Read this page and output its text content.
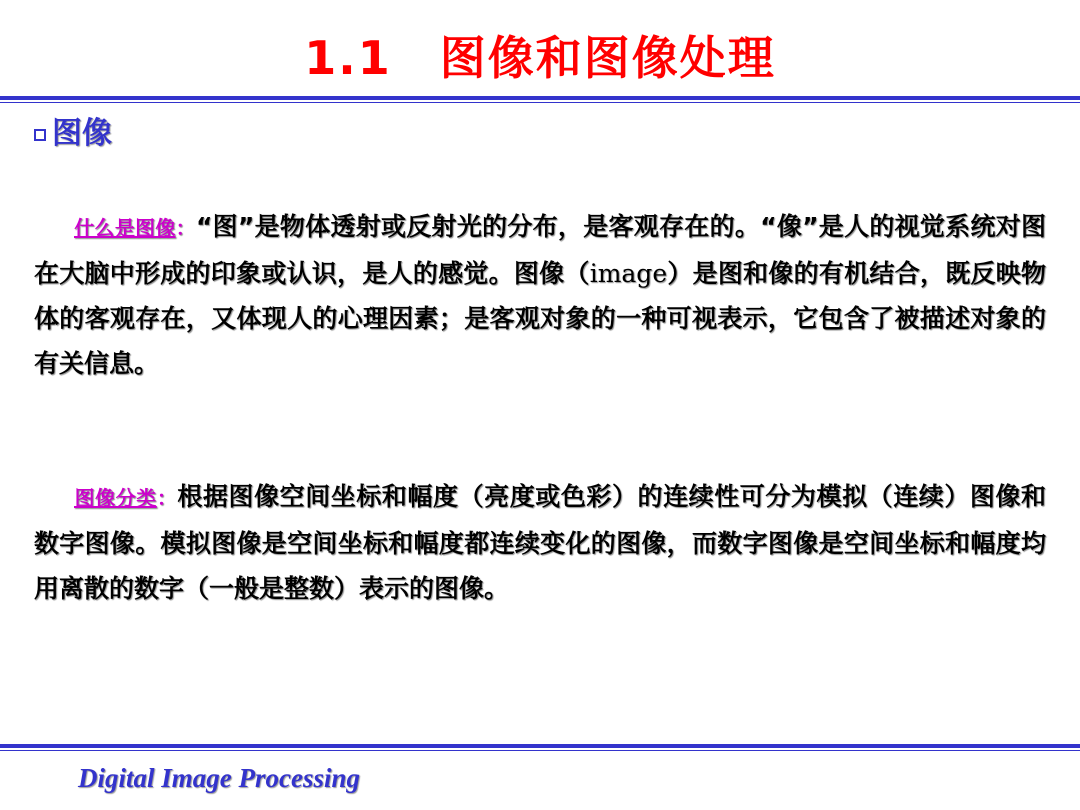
1.1　图像和图像处理
图像
什么是图像：“图”是物体透射或反射光的分布，是客观存在的。“像”是人的视觉系统对图在大脑中形成的印象或认识，是人的感觉。图像（image）是图和像的有机结合，既反映物体的客观存在，又体现人的心理因素；是客观对象的一种可视表示，它包含了被描述对象的有关信息。
图像分类：根据图像空间坐标和幅度（亮度或色彩）的连续性可分为模拟（连续）图像和数字图像。模拟图像是空间坐标和幅度都连续变化的图像，而数字图像是空间坐标和幅度均用离散的数字（一般是整数）表示的图像。
Digital Image Processing
